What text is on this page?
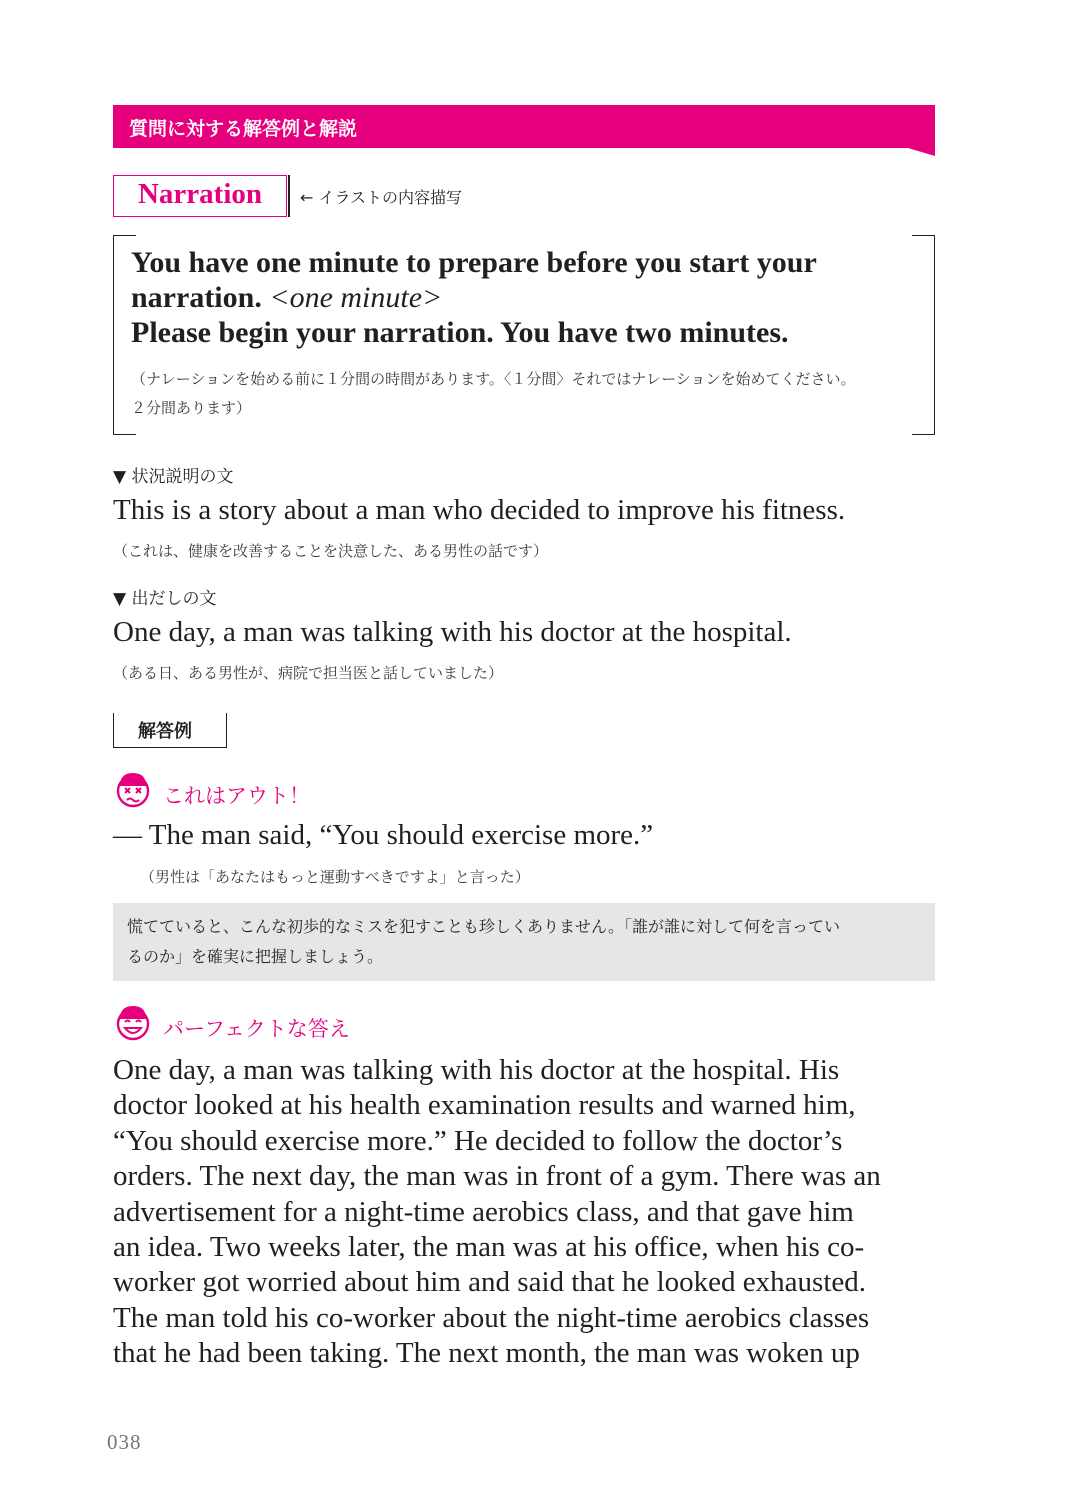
質問に対する解答例と解説
Narration	← イラストの内容描写
You have one minute to prepare before you start your
narration. <one minute>
Please begin your narration. You have two minutes.
（ナレーションを始める前に１分間の時間があります。〈１分間〉それではナレーションを始めてください。
２分間あります）
▼ 状況説明の文
This is a story about a man who decided to improve his fitness.
（これは、健康を改善することを決意した、ある男性の話です）
▼ 出だしの文
One day, a man was talking with his doctor at the hospital.
（ある日、ある男性が、病院で担当医と話していました）
解答例
これはアウト！
— The man said, “You should exercise more.”
（男性は「あなたはもっと運動すべきですよ」と言った）
慌てていると、こんな初歩的なミスを犯すことも珍しくありません。「誰が誰に対して何を言ってい
るのか」を確実に把握しましょう。
パーフェクトな答え
One day, a man was talking with his doctor at the hospital. His
doctor looked at his health examination results and warned him,
“You should exercise more.” He decided to follow the doctor’s
orders. The next day, the man was in front of a gym. There was an
advertisement for a night-time aerobics class, and that gave him
an idea. Two weeks later, the man was at his office, when his co-
worker got worried about him and said that he looked exhausted.
The man told his co-worker about the night-time aerobics classes
that he had been taking. The next month, the man was woken up
038
